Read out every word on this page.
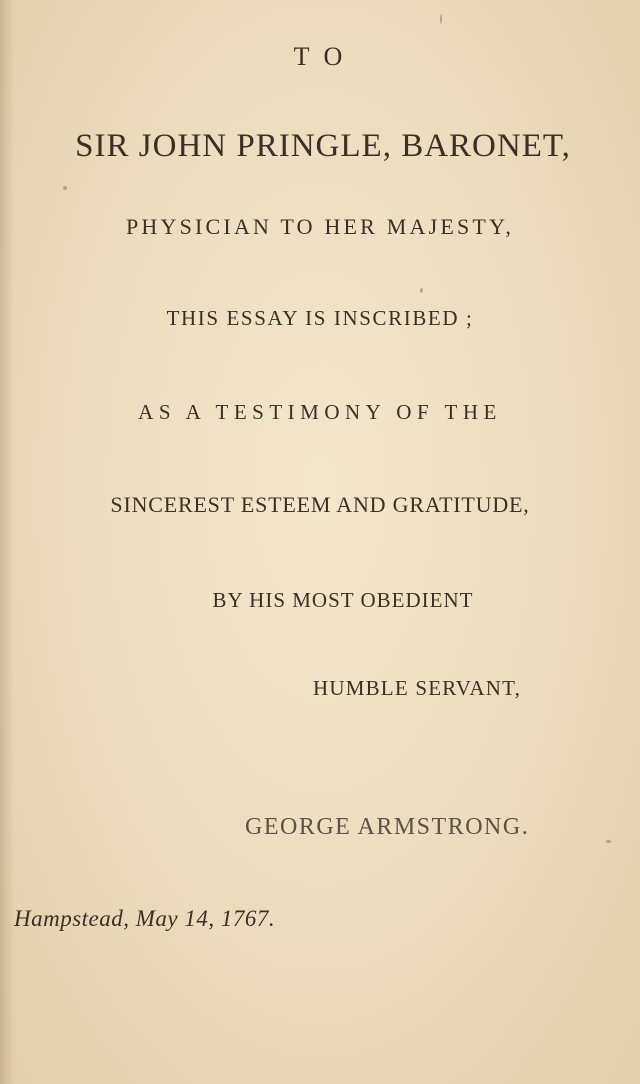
T O

SIR JOHN PRINGLE, BARONET,

PHYSICIAN TO HER MAJESTY,

THIS ESSAY IS INSCRIBED ;

AS A TESTIMONY OF THE

SINCEREST ESTEEM AND GRATITUDE,

BY HIS MOST OBEDIENT

HUMBLE SERVANT,

GEORGE ARMSTRONG.

Hampstead, May 14, 1767.
